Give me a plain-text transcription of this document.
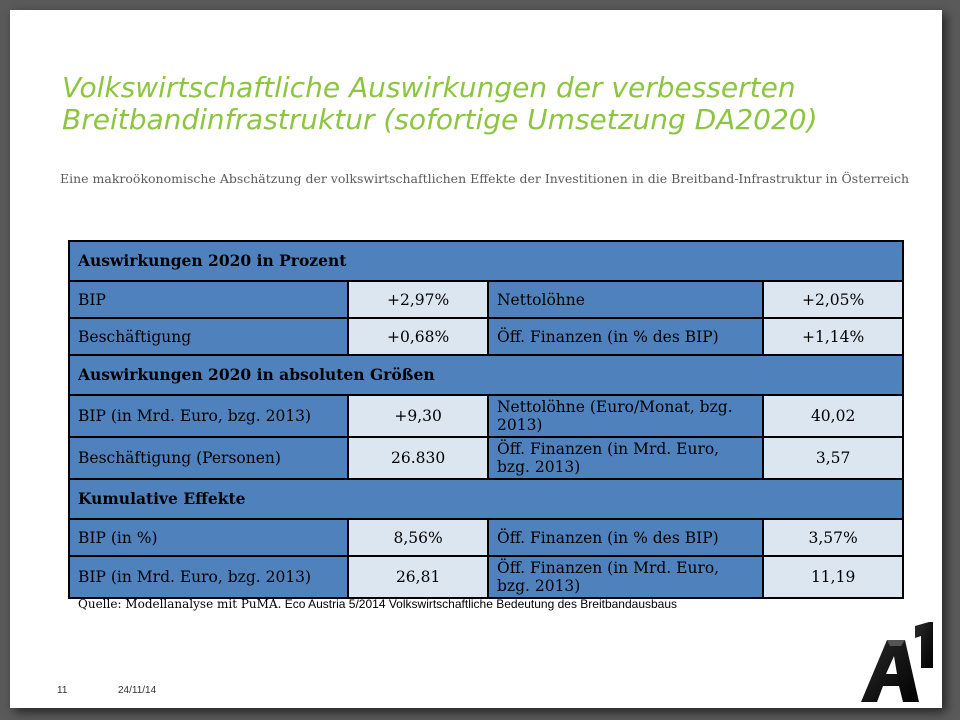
Volkswirtschaftliche Auswirkungen der verbesserten Breitbandinfrastruktur (sofortige Umsetzung DA2020)
Eine makroökonomische Abschätzung der volkswirtschaftlichen Effekte der Investitionen in die Breitband-Infrastruktur in Österreich
Auswirkungen 2020 in Prozent			
BIP	+2,97%	Nettolöhne	+2,05%
Beschäftigung	+0,68%	Öff. Finanzen (in % des BIP)	+1,14%
Auswirkungen 2020 in absoluten Größen			
BIP (in Mrd. Euro, bzg. 2013)	+9,30	Nettolöhne (Euro/Monat, bzg. 2013)	40,02
Beschäftigung (Personen)	26.830	Öff. Finanzen (in Mrd. Euro, bzg. 2013)	3,57
Kumulative Effekte			
BIP (in %)	8,56%	Öff. Finanzen (in % des BIP)	3,57%
BIP (in Mrd. Euro, bzg. 2013)	26,81	Öff. Finanzen (in Mrd. Euro, bzg. 2013)	11,19
Quelle: Modellanalyse mit PuMA. Eco Austria 5/2014 Volkswirtschaftliche Bedeutung des Breitbandausbaus
11	24/11/14
